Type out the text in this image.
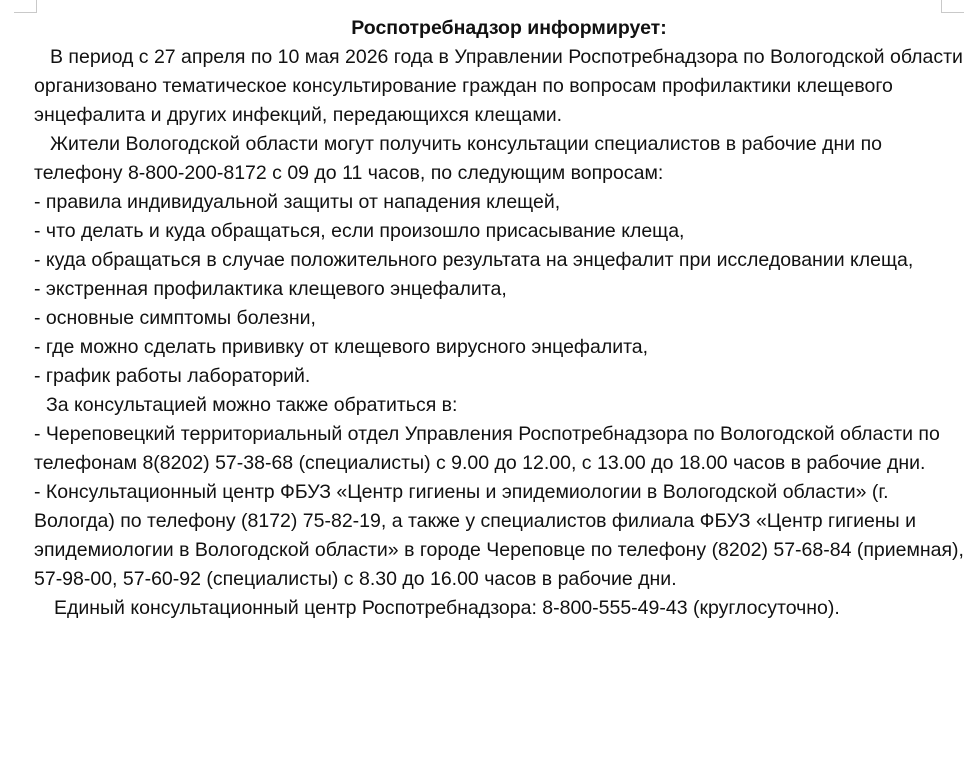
Роспотребнадзор информирует:

В период с 27 апреля по 10 мая 2026 года в Управлении Роспотребнадзора по Вологодской области организовано тематическое консультирование граждан по вопросам профилактики клещевого энцефалита и других инфекций, передающихся клещами.

Жители Вологодской области могут получить консультации специалистов в рабочие дни по телефону 8-800-200-8172 с 09 до 11 часов, по следующим вопросам:

- правила индивидуальной защиты от нападения клещей,

- что делать и куда обращаться, если произошло присасывание клеща,

- куда обращаться в случае положительного результата на энцефалит при исследовании клеща,

- экстренная профилактика клещевого энцефалита,

- основные симптомы болезни,

- где можно сделать прививку от клещевого вирусного энцефалита,

- график работы лабораторий.

За консультацией можно также обратиться в:

- Череповецкий территориальный отдел Управления Роспотребнадзора по Вологодской области по телефонам 8(8202) 57-38-68 (специалисты) с 9.00 до 12.00, с 13.00 до 18.00 часов в рабочие дни.

- Консультационный центр ФБУЗ «Центр гигиены и эпидемиологии в Вологодской области» (г. Вологда) по телефону (8172) 75-82-19, а также у специалистов филиала ФБУЗ «Центр гигиены и эпидемиологии в Вологодской области» в городе Череповце по телефону (8202) 57-68-84 (приемная), 57-98-00, 57-60-92 (специалисты) с 8.30 до 16.00 часов в рабочие дни.

Единый консультационный центр Роспотребнадзора: 8-800-555-49-43 (круглосуточно).
